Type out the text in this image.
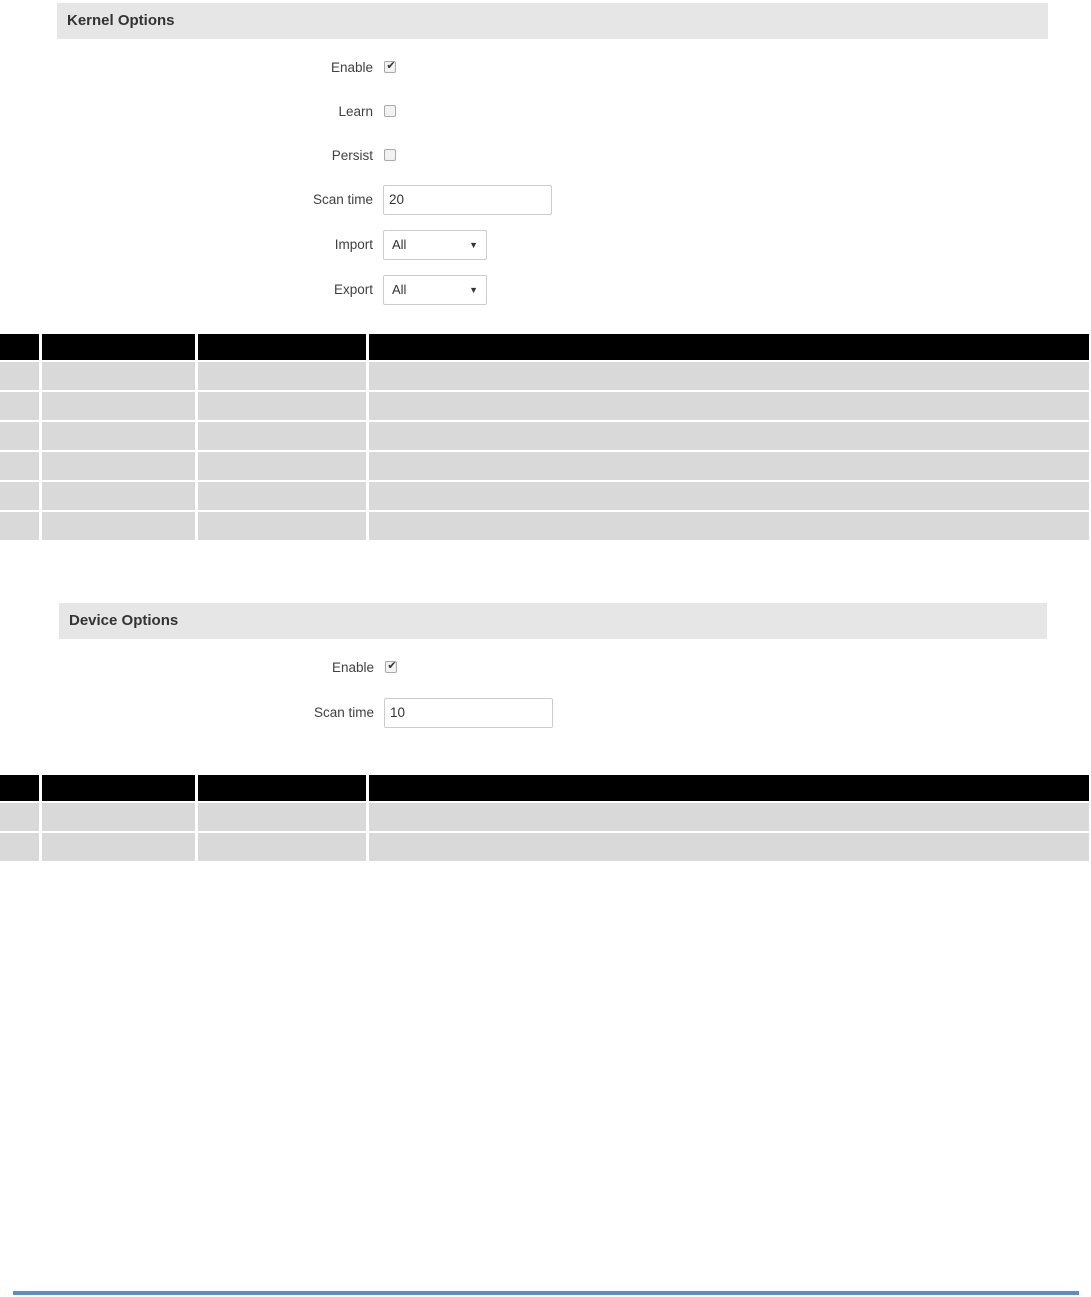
Kernel Options
Enable ✔
Learn
Persist
Scan time	20
Import	All	▼
Export	All	▼
Device Options
Enable ✔
Scan time	10
